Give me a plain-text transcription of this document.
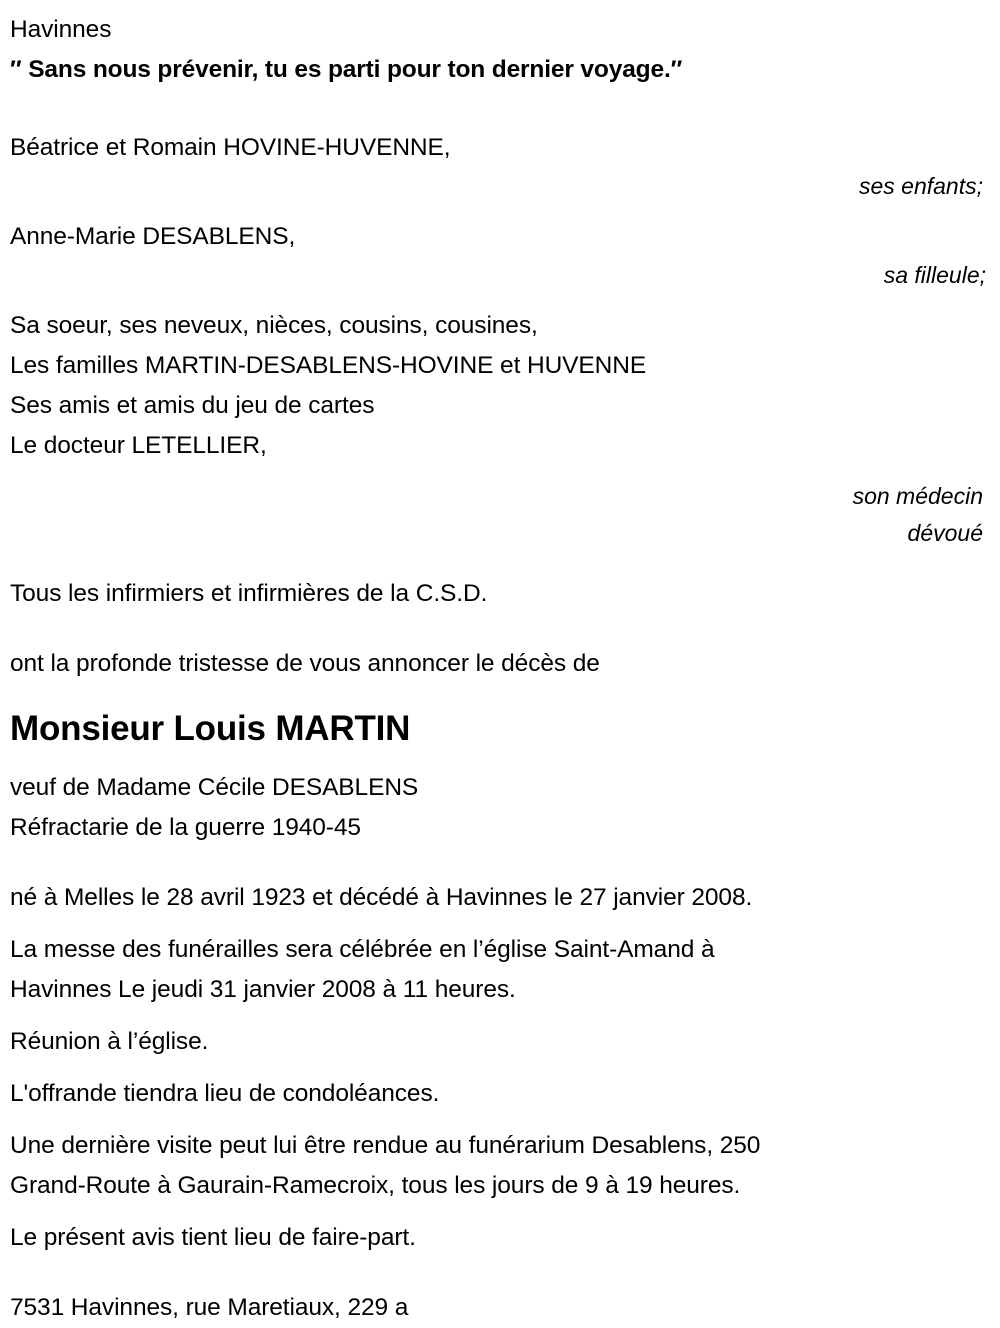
Havinnes
″ Sans nous prévenir, tu es parti pour ton dernier voyage.″
Béatrice et Romain HOVINE-HUVENNE,
ses enfants;
Anne-Marie DESABLENS,
sa filleule;
Sa soeur, ses neveux, nièces, cousins, cousines,
Les familles MARTIN-DESABLENS-HOVINE et HUVENNE
Ses amis et amis du jeu de cartes
Le docteur LETELLIER,
son médecin
dévoué
Tous les infirmiers et infirmières de la C.S.D.
ont la profonde tristesse de vous annoncer le décès de
Monsieur Louis MARTIN
veuf de Madame Cécile DESABLENS
Réfractarie de la guerre 1940-45
né à Melles le 28 avril 1923 et décédé à Havinnes le 27 janvier 2008.
La messe des funérailles sera célébrée en l’église Saint-Amand à
Havinnes Le jeudi 31 janvier 2008 à 11 heures.
Réunion à l’église.
L'offrande tiendra lieu de condoléances.
Une dernière visite peut lui être rendue au funérarium Desablens, 250
Grand-Route à Gaurain-Ramecroix, tous les jours de 9 à 19 heures.
Le présent avis tient lieu de faire-part.
7531 Havinnes, rue Maretiaux, 229 a
